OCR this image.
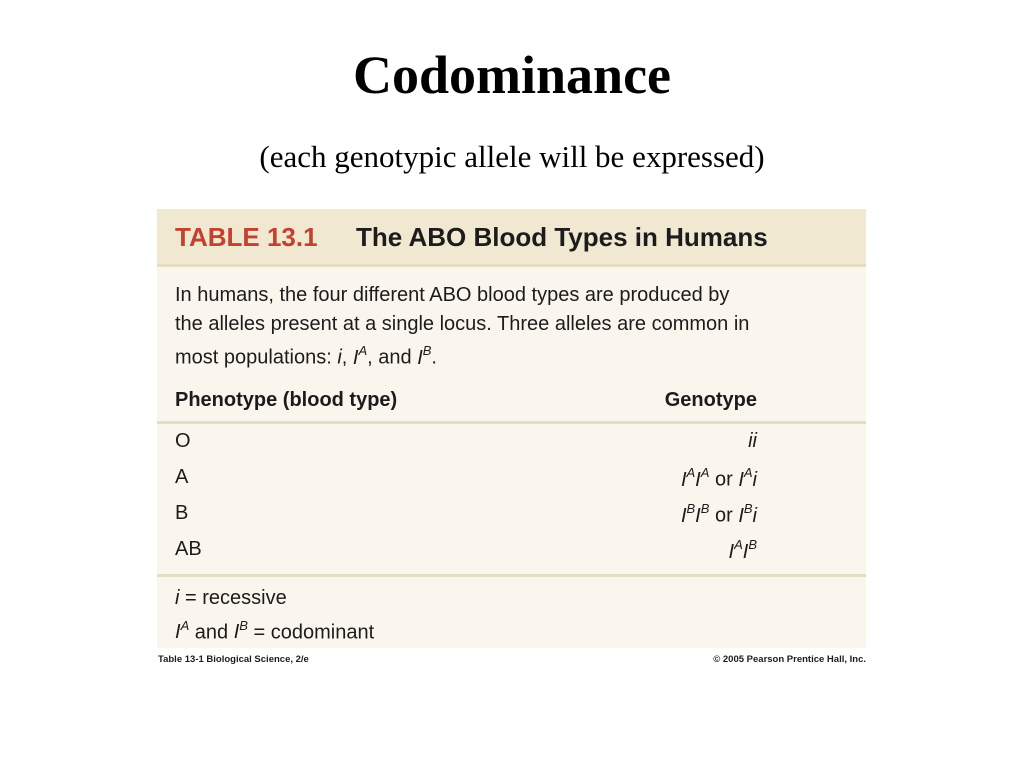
Codominance
(each genotypic allele will be expressed)
TABLE 13.1 The ABO Blood Types in Humans
In humans, the four different ABO blood types are produced by
the alleles present at a single locus. Three alleles are common in
most populations: i, $I^A$, and $I^B$.
Phenotype (blood type)	Genotype
O	ii
A	$I^AI^A$ or $I^Ai$
B	$I^BI^B$ or $I^Bi$
AB	$I^AI^B$
i = recessive
$I^A$ and $I^B$ = codominant
Table 13-1 Biological Science, 2/e	© 2005 Pearson Prentice Hall, Inc.
